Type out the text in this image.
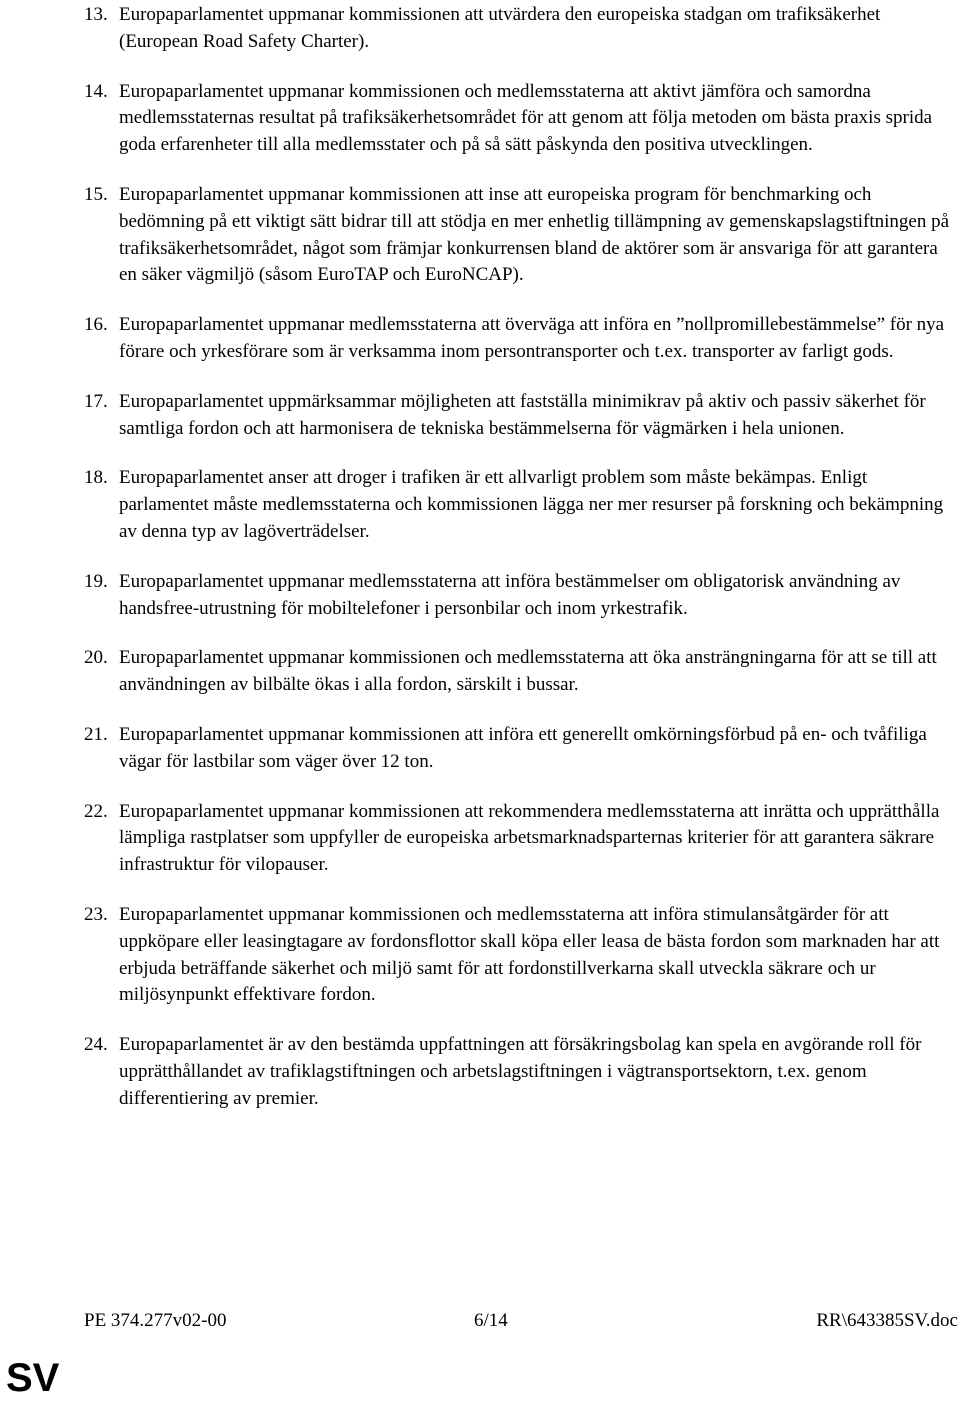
13. Europaparlamentet uppmanar kommissionen att utvärdera den europeiska stadgan om trafiksäkerhet (European Road Safety Charter).
14. Europaparlamentet uppmanar kommissionen och medlemsstaterna att aktivt jämföra och samordna medlemsstaternas resultat på trafiksäkerhetsområdet för att genom att följa metoden om bästa praxis sprida goda erfarenheter till alla medlemsstater och på så sätt påskynda den positiva utvecklingen.
15. Europaparlamentet uppmanar kommissionen att inse att europeiska program för benchmarking och bedömning på ett viktigt sätt bidrar till att stödja en mer enhetlig tillämpning av gemenskapslagstiftningen på trafiksäkerhetsområdet, något som främjar konkurrensen bland de aktörer som är ansvariga för att garantera en säker vägmiljö (såsom EuroTAP och EuroNCAP).
16. Europaparlamentet uppmanar medlemsstaterna att överväga att införa en ”nollpromillebestämmelse” för nya förare och yrkesförare som är verksamma inom persontransporter och t.ex. transporter av farligt gods.
17. Europaparlamentet uppmärksammar möjligheten att fastställa minimikrav på aktiv och passiv säkerhet för samtliga fordon och att harmonisera de tekniska bestämmelserna för vägmärken i hela unionen.
18. Europaparlamentet anser att droger i trafiken är ett allvarligt problem som måste bekämpas. Enligt parlamentet måste medlemsstaterna och kommissionen lägga ner mer resurser på forskning och bekämpning av denna typ av lagöverträdelser.
19. Europaparlamentet uppmanar medlemsstaterna att införa bestämmelser om obligatorisk användning av handsfree-utrustning för mobiltelefoner i personbilar och inom yrkestrafik.
20. Europaparlamentet uppmanar kommissionen och medlemsstaterna att öka ansträngningarna för att se till att användningen av bilbälte ökas i alla fordon, särskilt i bussar.
21. Europaparlamentet uppmanar kommissionen att införa ett generellt omkörningsförbud på en- och tvåfiliga vägar för lastbilar som väger över 12 ton.
22. Europaparlamentet uppmanar kommissionen att rekommendera medlemsstaterna att inrätta och upprätthålla lämpliga rastplatser som uppfyller de europeiska arbetsmarknadsparternas kriterier för att garantera säkrare infrastruktur för vilopauser.
23. Europaparlamentet uppmanar kommissionen och medlemsstaterna att införa stimulansåtgärder för att uppköpare eller leasingtagare av fordonsflottor skall köpa eller leasa de bästa fordon som marknaden har att erbjuda beträffande säkerhet och miljö samt för att fordonstillverkarna skall utveckla säkrare och ur miljösynpunkt effektivare fordon.
24. Europaparlamentet är av den bestämda uppfattningen att försäkringsbolag kan spela en avgörande roll för upprätthållandet av trafiklagstiftningen och arbetslagstiftningen i vägtransportsektorn, t.ex. genom differentiering av premier.
PE 374.277v02-00	6/14	RR\643385SV.doc
SV
